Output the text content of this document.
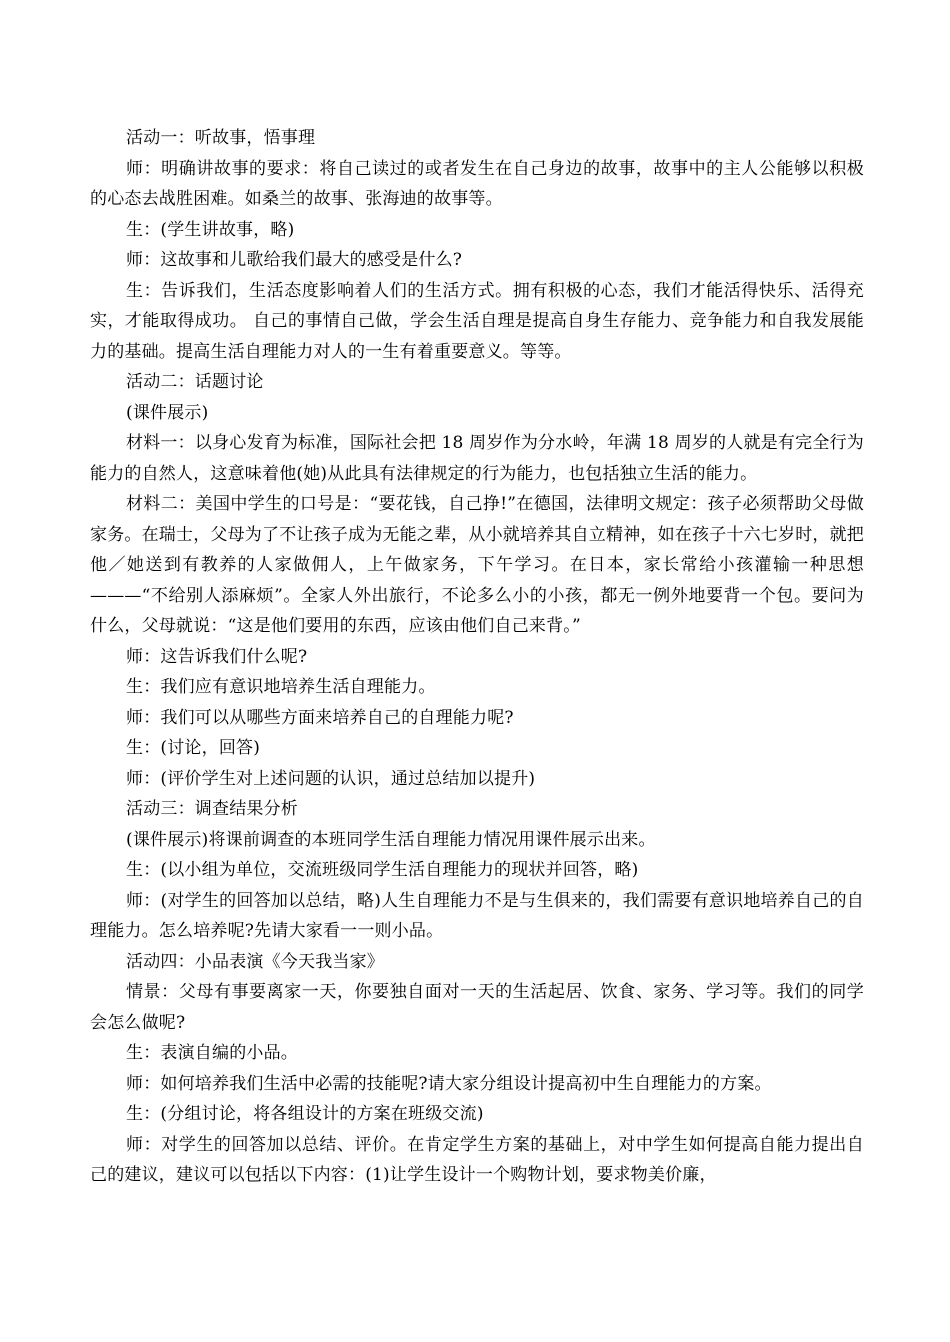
活动一：听故事，悟事理

师：明确讲故事的要求：将自己读过的或者发生在自己身边的故事，故事中的主人公能够以积极的心态去战胜困难。如桑兰的故事、张海迪的故事等。

生：(学生讲故事，略)

师：这故事和儿歌给我们最大的感受是什么?

生：告诉我们，生活态度影响着人们的生活方式。拥有积极的心态，我们才能活得快乐、活得充实，才能取得成功。 自己的事情自己做，学会生活自理是提高自身生存能力、竞争能力和自我发展能力的基础。提高生活自理能力对人的一生有着重要意义。等等。

活动二：话题讨论

(课件展示)

材料一：以身心发育为标准，国际社会把 18 周岁作为分水岭，年满 18 周岁的人就是有完全行为能力的自然人，这意味着他(她)从此具有法律规定的行为能力，也包括独立生活的能力。

材料二：美国中学生的口号是：“要花钱，自己挣!”在德国，法律明文规定：孩子必须帮助父母做家务。在瑞士，父母为了不让孩子成为无能之辈，从小就培养其自立精神，如在孩子十六七岁时，就把他／她送到有教养的人家做佣人，上午做家务，下午学习。在日本，家长常给小孩灌输一种思想———“不给别人添麻烦”。全家人外出旅行，不论多么小的小孩，都无一例外地要背一个包。要问为什么，父母就说：“这是他们要用的东西，应该由他们自己来背。”

师：这告诉我们什么呢?

生：我们应有意识地培养生活自理能力。

师：我们可以从哪些方面来培养自己的自理能力呢?

生：(讨论，回答)

师：(评价学生对上述问题的认识，通过总结加以提升)

活动三：调查结果分析

(课件展示)将课前调查的本班同学生活自理能力情况用课件展示出来。

生：(以小组为单位，交流班级同学生活自理能力的现状并回答，略)

师：(对学生的回答加以总结，略)人生自理能力不是与生俱来的，我们需要有意识地培养自己的自理能力。怎么培养呢?先请大家看一一则小品。

活动四：小品表演《今天我当家》

情景：父母有事要离家一天，你要独自面对一天的生活起居、饮食、家务、学习等。我们的同学会怎么做呢?

生：表演自编的小品。

师：如何培养我们生活中必需的技能呢?请大家分组设计提高初中生自理能力的方案。

生：(分组讨论，将各组设计的方案在班级交流)

师：对学生的回答加以总结、评价。在肯定学生方案的基础上，对中学生如何提高自能力提出自己的建议，建议可以包括以下内容：(1)让学生设计一个购物计划，要求物美价廉，
